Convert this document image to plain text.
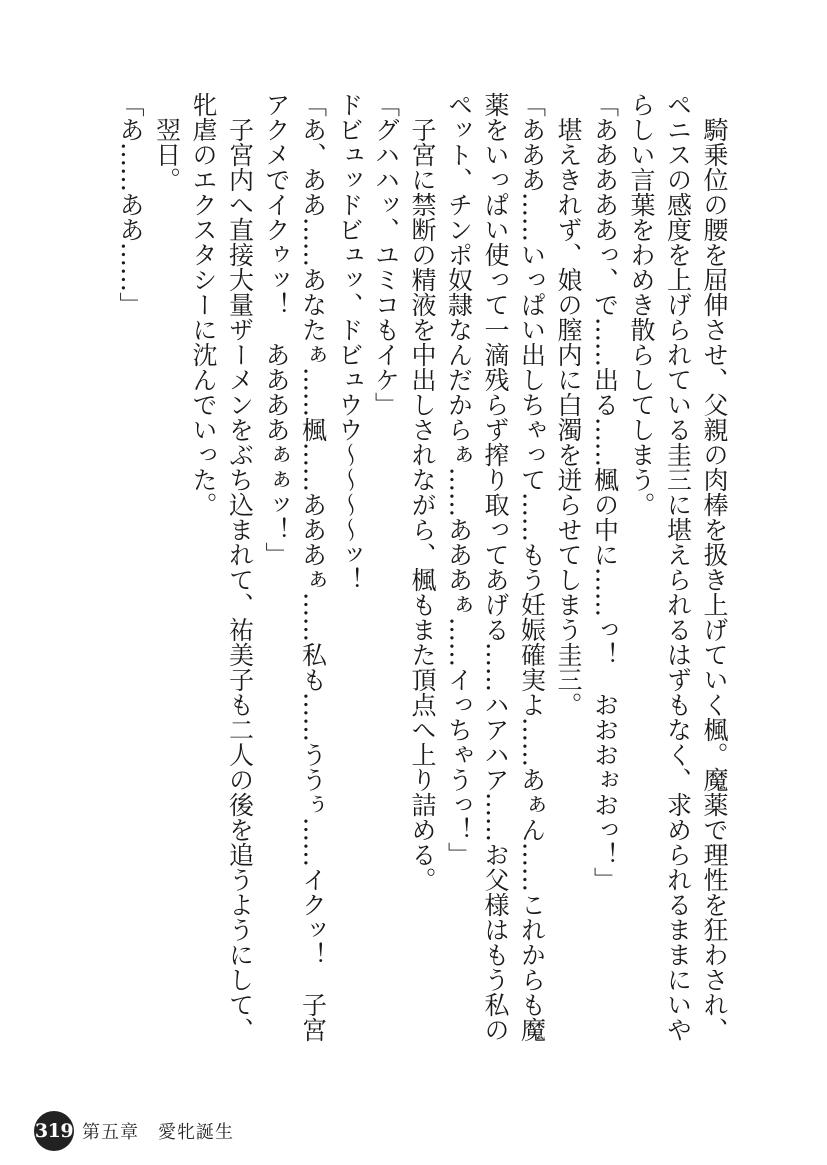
騎乗位の腰を屈伸させ、父親の肉棒を扱き上げていく楓。魔薬で理性を狂わされ、ペニスの感度を上げられている圭三に堪えられるはずもなく、求められるままにいやらしい言葉をわめき散らしてしまう。

「あああああっ、で……出る……楓の中に……っ！　おおおぉおっ！」

堪えきれず、娘の膣内に白濁を迸らせてしまう圭三。

「あああ……いっぱい出しちゃって……もう妊娠確実よ……あぁん……これからも魔薬をいっぱい使って一滴残らず搾り取ってあげる……ハアハア……お父様はもう私のペット、チンポ奴隷なんだからぁ……あああぁ……イっちゃうっ！」

子宮に禁断の精液を中出しされながら、楓もまた頂点へ上り詰める。

「グハハッ、ユミコもイケ」

ドビュッドビュッ、ドビュウウ～～～～ッ！

「あ、ああ……あなたぁ……楓……あああぁ……私も……ううぅ……イクッ！　子宮アクメでイクゥッ！　ああああぁぁッ！」

子宮内へ直接大量ザーメンをぶち込まれて、祐美子も二人の後を追うようにして、牝虐のエクスタシーに沈んでいった。

翌日。

「あ……ああ……」

319 第五章　愛牝誕生
